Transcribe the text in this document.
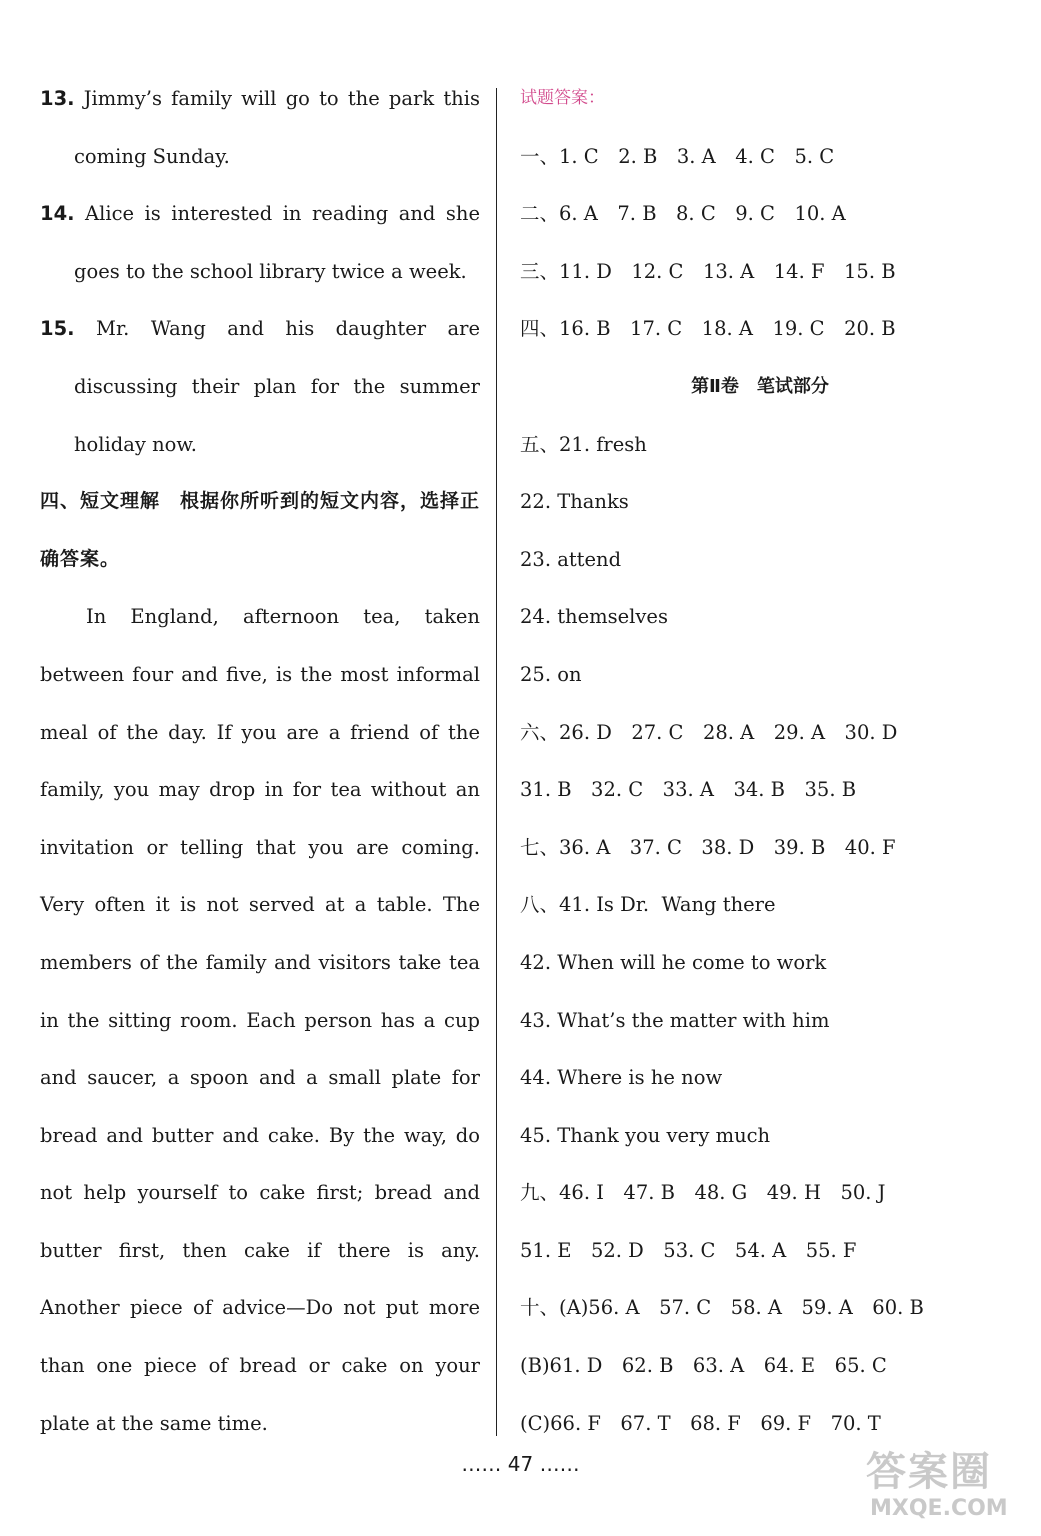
13. Jimmy’s family will go to the park this coming Sunday.

14. Alice is interested in reading and she goes to the school library twice a week.

15. Mr. Wang and his daughter are discussing their plan for the summer holiday now.

四、短文理解　根据你所听到的短文内容，选择正确答案。

In England, afternoon tea, taken between four and five, is the most informal meal of the day. If you are a friend of the family, you may drop in for tea without an invitation or telling that you are coming. Very often it is not served at a table. The members of the family and visitors take tea in the sitting room. Each person has a cup and saucer, a spoon and a small plate for bread and butter and cake. By the way, do not help yourself to cake first; bread and butter first, then cake if there is any. Another piece of advice—Do not put more than one piece of bread or cake on your plate at the same time.

试题答案：

一、1. C　2. B　3. A　4. C　5. C

二、6. A　7. B　8. C　9. C　10. A

三、11. D　12. C　13. A　14. F　15. B

四、16. B　17. C　18. A　19. C　20. B

第Ⅱ卷　笔试部分

五、21. fresh

22. Thanks

23. attend

24. themselves

25. on

六、26. D　27. C　28. A　29. A　30. D

31. B　32. C　33. A　34. B　35. B

七、36. A　37. C　38. D　39. B　40. F

八、41. Is Dr.  Wang there

42. When will he come to work

43. What’s the matter with him

44. Where is he now

45. Thank you very much

九、46. I　47. B　48. G　49. H　50. J

51. E　52. D　53. C　54. A　55. F

十、(A)56. A　57. C　58. A　59. A　60. B

(B)61. D　62. B　63. A　64. E　65. C

(C)66. F　67. T　68. F　69. F　70. T

…… 47 ……	答案圈
MXQE.COM
